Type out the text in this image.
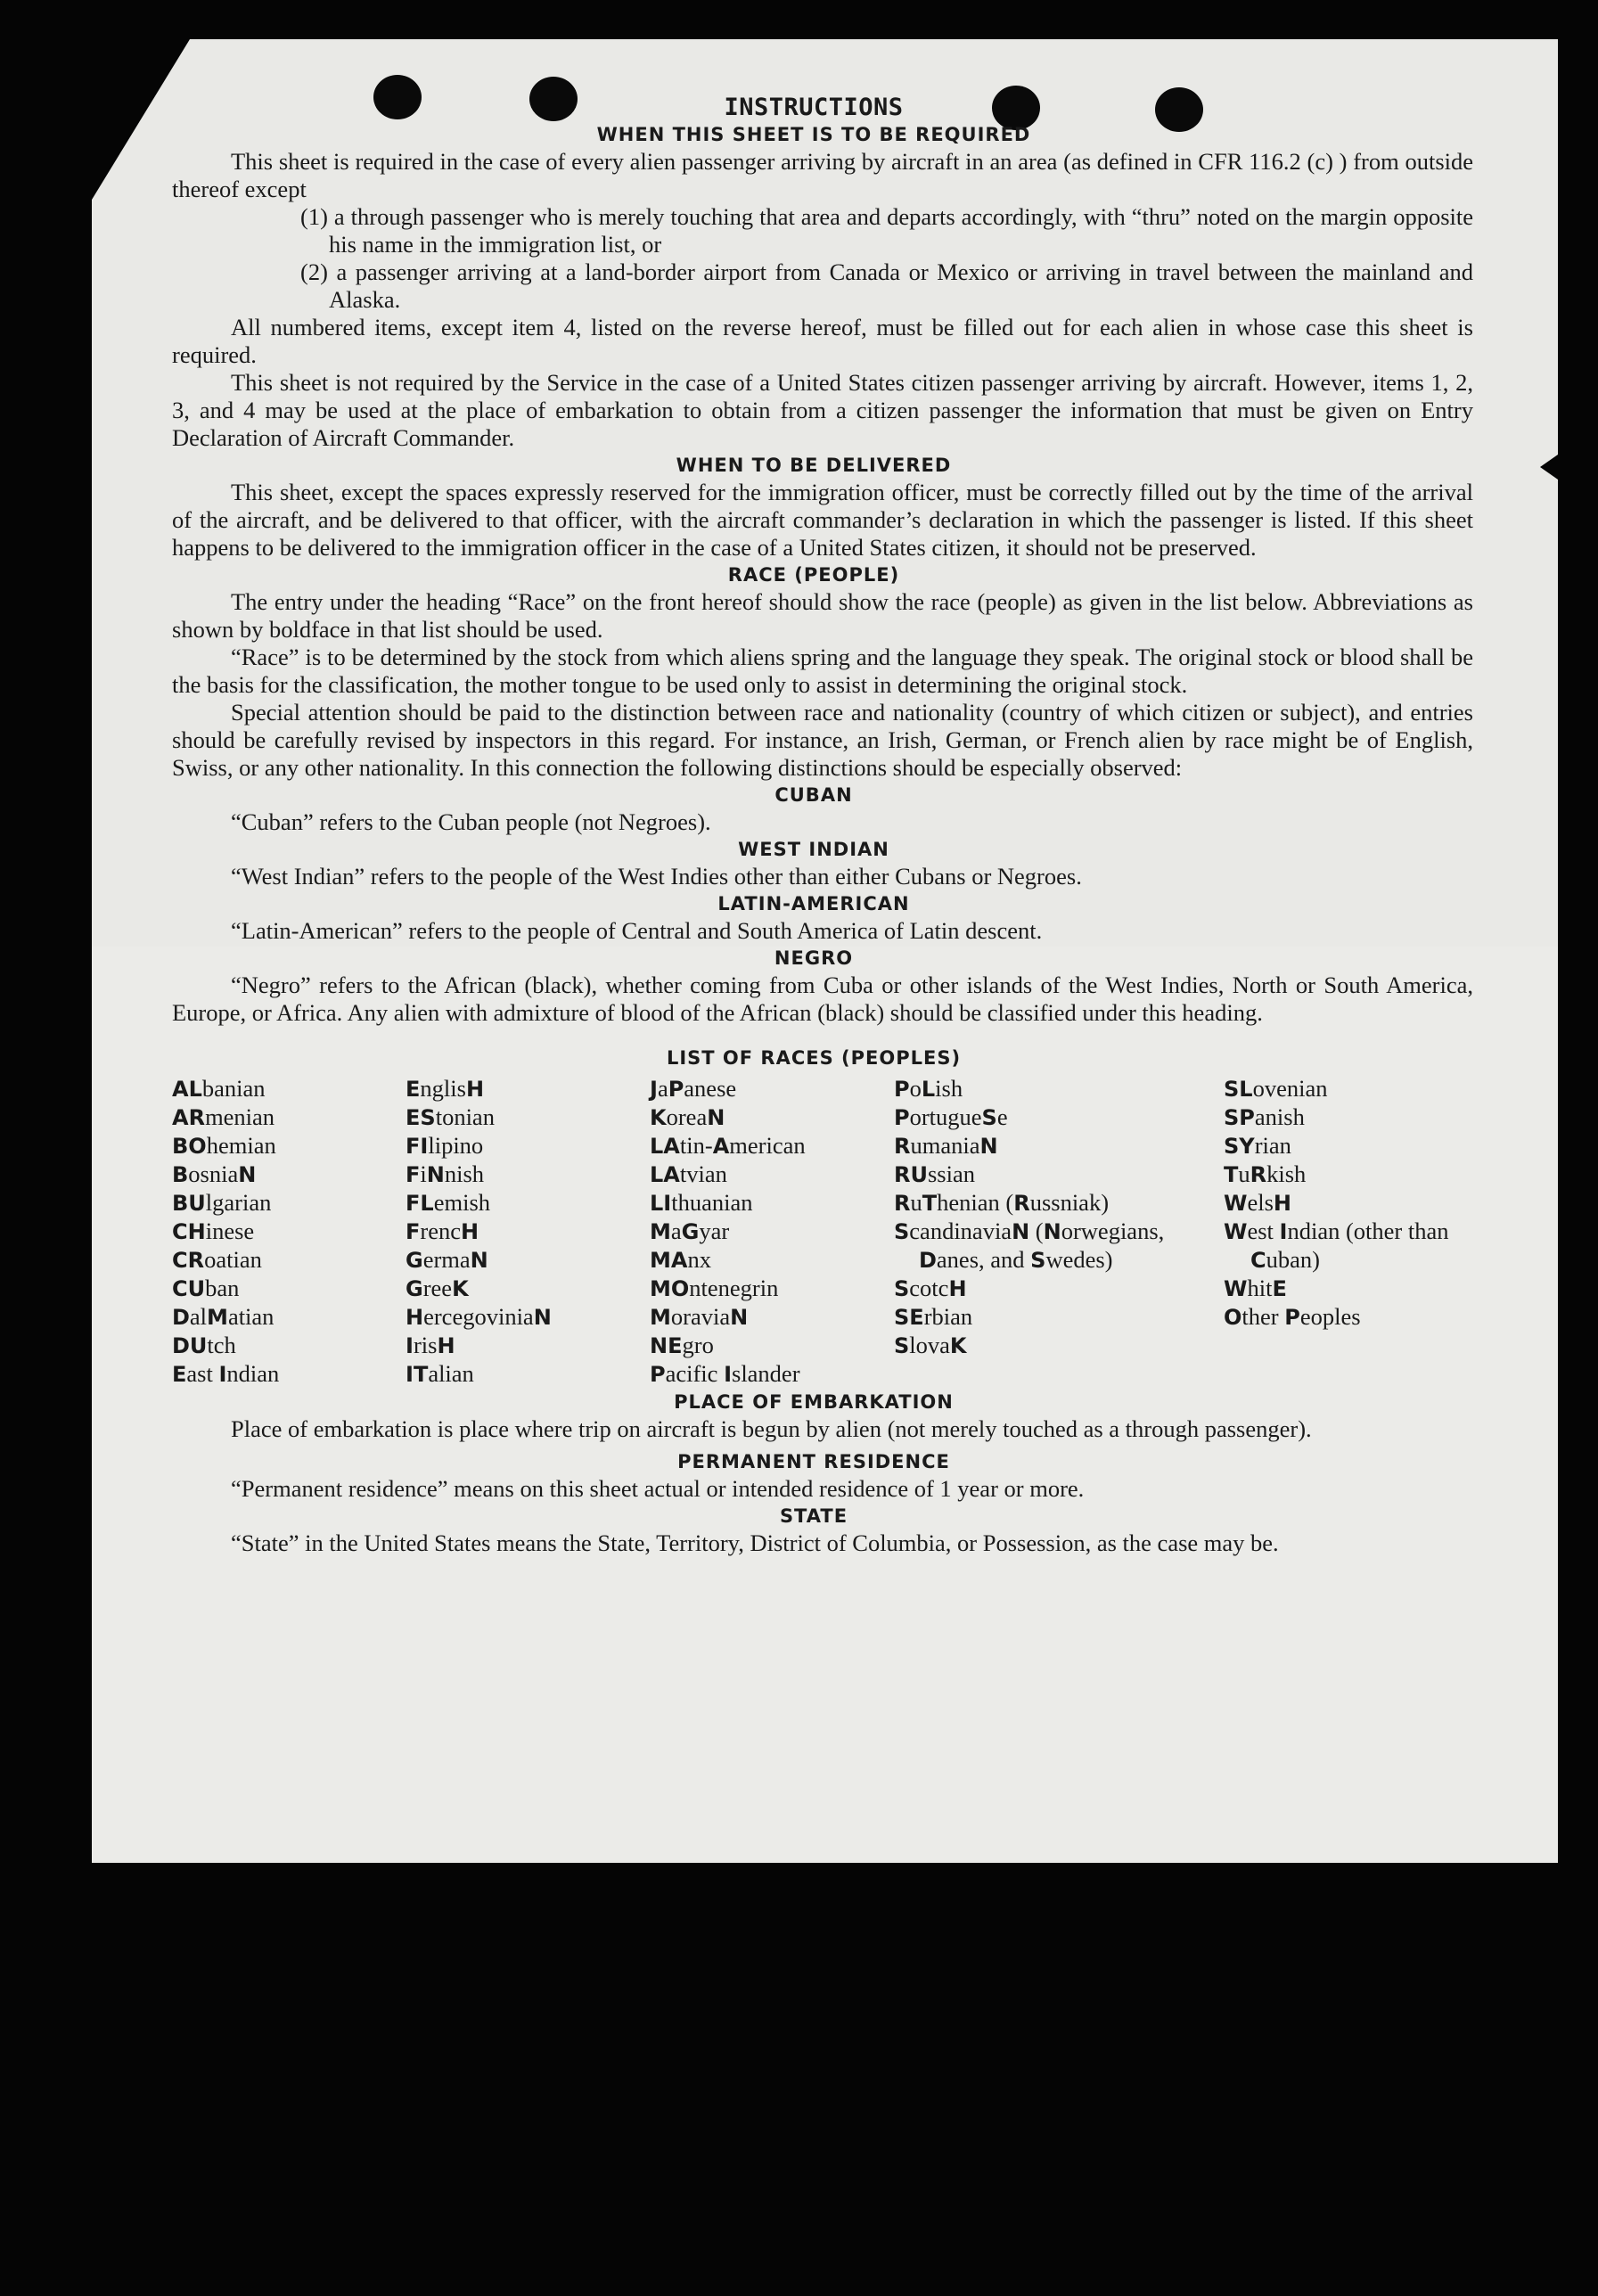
INSTRUCTIONS
WHEN THIS SHEET IS TO BE REQUIRED

This sheet is required in the case of every alien passenger arriving by aircraft in an area (as defined in CFR 116.2 (c) ) from outside thereof except

(1) a through passenger who is merely touching that area and departs accordingly, with “thru” noted on the margin opposite his name in the immigration list, or

(2) a passenger arriving at a land-border airport from Canada or Mexico or arriving in travel between the mainland and Alaska.

All numbered items, except item 4, listed on the reverse hereof, must be filled out for each alien in whose case this sheet is required.

This sheet is not required by the Service in the case of a United States citizen passenger arriving by aircraft. However, items 1, 2, 3, and 4 may be used at the place of embarkation to obtain from a citizen passenger the information that must be given on Entry Declaration of Aircraft Commander.

WHEN TO BE DELIVERED

This sheet, except the spaces expressly reserved for the immigration officer, must be correctly filled out by the time of the arrival of the aircraft, and be delivered to that officer, with the aircraft commander’s declaration in which the passenger is listed. If this sheet happens to be delivered to the immigration officer in the case of a United States citizen, it should not be preserved.

RACE (PEOPLE)

The entry under the heading “Race” on the front hereof should show the race (people) as given in the list below. Abbreviations as shown by boldface in that list should be used.

“Race” is to be determined by the stock from which aliens spring and the language they speak. The original stock or blood shall be the basis for the classification, the mother tongue to be used only to assist in determining the original stock.

Special attention should be paid to the distinction between race and nationality (country of which citizen or subject), and entries should be carefully revised by inspectors in this regard. For instance, an Irish, German, or French alien by race might be of English, Swiss, or any other nationality. In this connection the following distinctions should be especially observed:

CUBAN

“Cuban” refers to the Cuban people (not Negroes).

WEST INDIAN

“West Indian” refers to the people of the West Indies other than either Cubans or Negroes.

LATIN-AMERICAN

“Latin-American” refers to the people of Central and South America of Latin descent.

NEGRO

“Negro” refers to the African (black), whether coming from Cuba or other islands of the West Indies, North or South America, Europe, or Africa. Any alien with admixture of blood of the African (black) should be classified under this heading.

LIST OF RACES (PEOPLES)
ALbanian
ARmenian
BOhemian
BosniaN
BUlgarian
CHinese
CRoatian
CUban
DalMatian
DUtch
East Indian
EnglisH
EStonian
FIlipino
FiNnish
FLemish
FrencH
GermaN
GreeK
HercegoviniaN
IrisH
ITalian
JaPanese
KoreaN
LAtin-American
LAtvian
LIthuanian
MaGyar
MAnx
MOntenegrin
MoraviaN
NEgro
Pacific Islander
PoLish
PortugueSe
RumaniaN
RUssian
RuThenian (Russniak)
ScandinaviaN (Norwegians, Danes, and Swedes)
ScotcH
SErbian
SlovaK
SLovenian
SPanish
SYrian
TuRkish
WelsH
West Indian (other than Cuban)
WhitE
Other Peoples
PLACE OF EMBARKATION

Place of embarkation is place where trip on aircraft is begun by alien (not merely touched as a through passenger).

PERMANENT RESIDENCE

“Permanent residence” means on this sheet actual or intended residence of 1 year or more.

STATE

“State” in the United States means the State, Territory, District of Columbia, or Possession, as the case may be.
